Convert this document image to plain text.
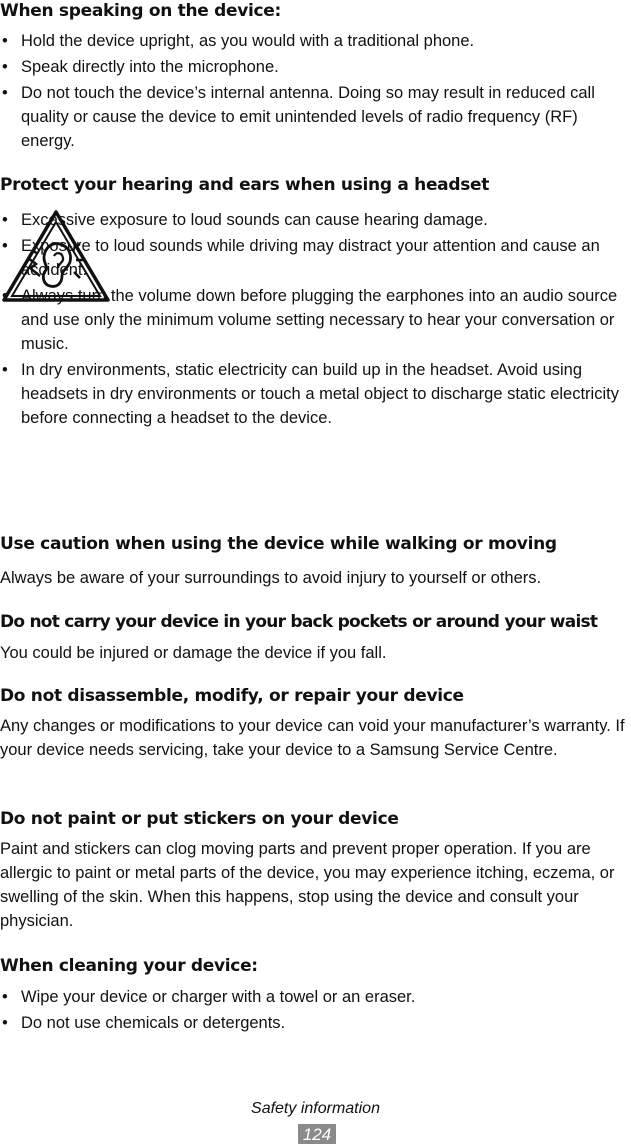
When speaking on the device:
• Hold the device upright, as you would with a traditional phone.
• Speak directly into the microphone.
• Do not touch the device’s internal antenna. Doing so may result in reduced call quality or cause the device to emit unintended levels of radio frequency (RF) energy.
Protect your hearing and ears when using a headset
• Excessive exposure to loud sounds can cause hearing damage.
• Exposure to loud sounds while driving may distract your attention and cause an accident.
• Always turn the volume down before plugging the earphones into an audio source and use only the minimum volume setting necessary to hear your conversation or music.
• In dry environments, static electricity can build up in the headset. Avoid using headsets in dry environments or touch a metal object to discharge static electricity before connecting a headset to the device.
Use caution when using the device while walking or moving

Always be aware of your surroundings to avoid injury to yourself or others.

Do not carry your device in your back pockets or around your waist

You could be injured or damage the device if you fall.

Do not disassemble, modify, or repair your device

Any changes or modifications to your device can void your manufacturer’s warranty. If your device needs servicing, take your device to a Samsung Service Centre.

Do not paint or put stickers on your device

Paint and stickers can clog moving parts and prevent proper operation. If you are allergic to paint or metal parts of the device, you may experience itching, eczema, or swelling of the skin. When this happens, stop using the device and consult your physician.

When cleaning your device:
• Wipe your device or charger with a towel or an eraser.
• Do not use chemicals or detergents.
Safety information
124
